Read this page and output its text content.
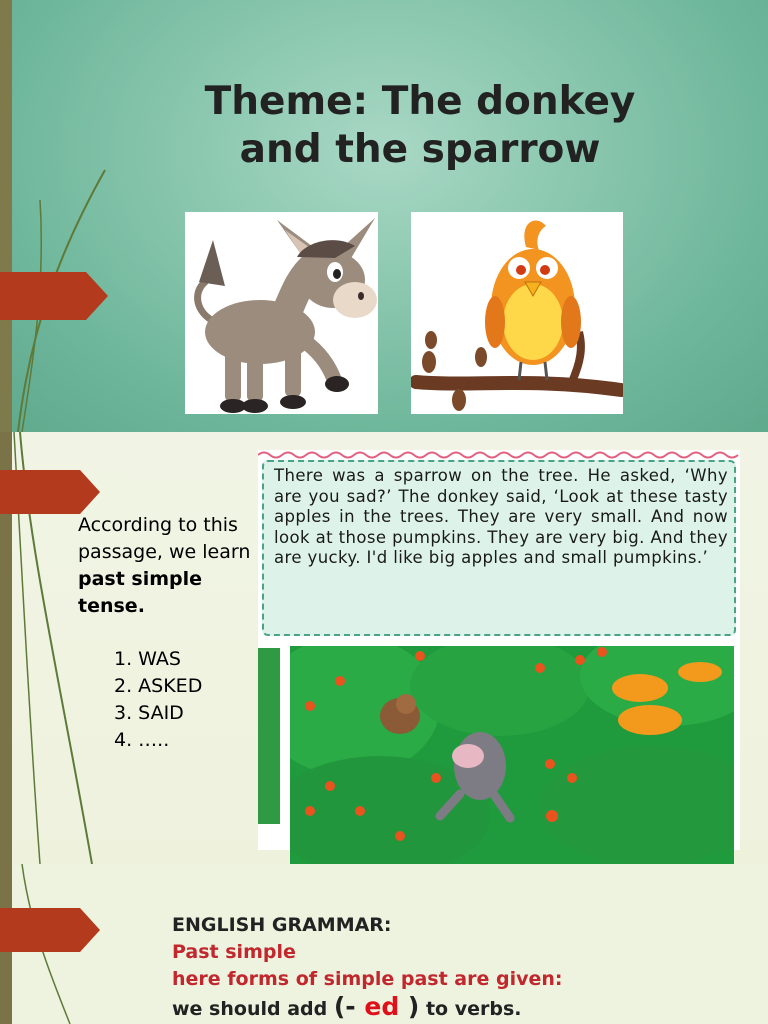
Theme: The donkey
and the sparrow
According to this passage, we learn past simple tense.
1. WAS
2. ASKED
3. SAID
4. …..
There was a sparrow on the tree. He asked, ‘Why are you sad?’ The donkey said, ‘Look at these tasty apples in the trees. They are very small. And now look at those pumpkins. They are very big. And they are yucky. I'd like big apples and small pumpkins.’
ENGLISH GRAMMAR:
Past simple
here forms of simple past are given:
we should add (- ed ) to verbs.
